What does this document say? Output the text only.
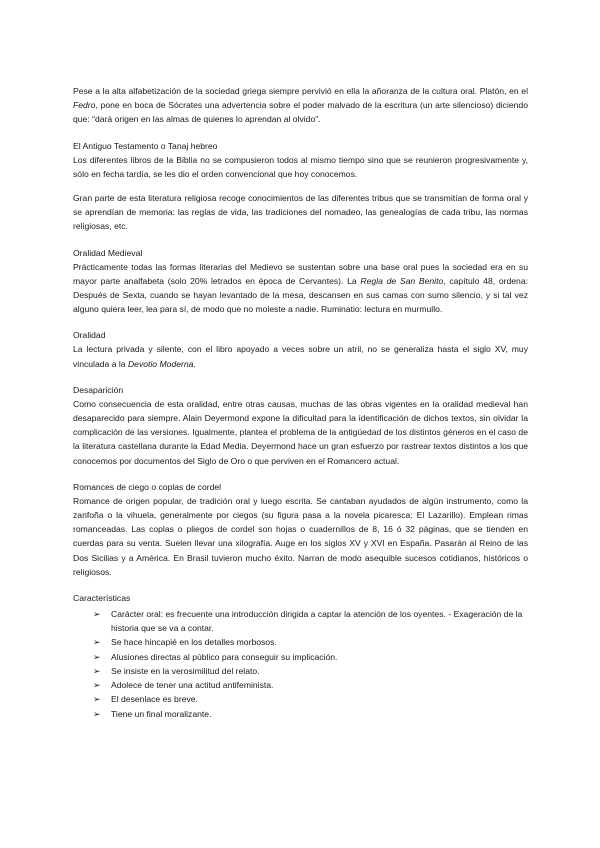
Pese a la alta alfabetización de la sociedad griega siempre pervivió en ella la añoranza de la cultura oral. Platón, en el Fedro, pone en boca de Sócrates una advertencia sobre el poder malvado de la escritura (un arte silencioso) diciendo que: “dará origen en las almas de quienes lo aprendan al olvido”.

El Antiguo Testamento o Tanaj hebreo

Los diferentes libros de la Biblia no se compusieron todos al mismo tiempo sino que se reunieron progresivamente y, sólo en fecha tardía, se les dio el orden convencional que hoy conocemos.

Gran parte de esta literatura religiosa recoge conocimientos de las diferentes tribus que se transmitían de forma oral y se aprendían de memoria: las reglas de vida, las tradiciones del nomadeo, las genealogías de cada tribu, las normas religiosas, etc.

Oralidad Medieval

Prácticamente todas las formas literarias del Medievo se sustentan sobre una base oral pues la sociedad era en su mayor parte analfabeta (solo 20% letrados en época de Cervantes). La Regla de San Benito, capítulo 48, ordena: Después de Sexta, cuando se hayan levantado de la mesa, descansen en sus camas con sumo silencio, y si tal vez alguno quiera leer, lea para sí, de modo que no moleste a nadie. Ruminatio: lectura en murmullo.

Oralidad

La lectura privada y silente, con el libro apoyado a veces sobre un atril, no se generaliza hasta el siglo XV, muy vinculada a la Devotio Moderna.

Desaparición

Como consecuencia de esta oralidad, entre otras causas, muchas de las obras vigentes en la oralidad medieval han desaparecido para siempre. Alain Deyermond expone la dificultad para la identificación de dichos textos, sin olvidar la complicación de las versiones. Igualmente, plantea el problema de la antigüedad de los distintos géneros en el caso de la literatura castellana durante la Edad Media. Deyermond hace un gran esfuerzo por rastrear textos distintos a los que conocemos por documentos del Siglo de Oro o que perviven en el Romancero actual.

Romances de ciego o coplas de cordel

Romance de origen popular, de tradición oral y luego escrita. Se cantaban ayudados de algún instrumento, como la zanfoña o la vihuela, generalmente por ciegos (su figura pasa a la novela picaresca: El Lazarillo). Emplean rimas romanceadas. Las coplas o pliegos de cordel son hojas o cuadernillos de 8, 16 ó 32 páginas, que se tienden en cuerdas para su venta. Suelen llevar una xilografía. Auge en los siglos XV y XVI en España. Pasarán al Reino de las Dos Sicilias y a América. En Brasil tuvieron mucho éxito. Narran de modo asequible sucesos cotidianos, históricos o religiosos.

Características
➢ Carácter oral: es frecuente una introducción dirigida a captar la atención de los oyentes. - Exageración de la historia que se va a contar.
➢ Se hace hincapié en los detalles morbosos.
➢ Alusiones directas al público para conseguir su implicación.
➢ Se insiste en la verosimilitud del relato.
➢ Adolece de tener una actitud antifeminista.
➢ El desenlace es breve.
➢ Tiene un final moralizante.
